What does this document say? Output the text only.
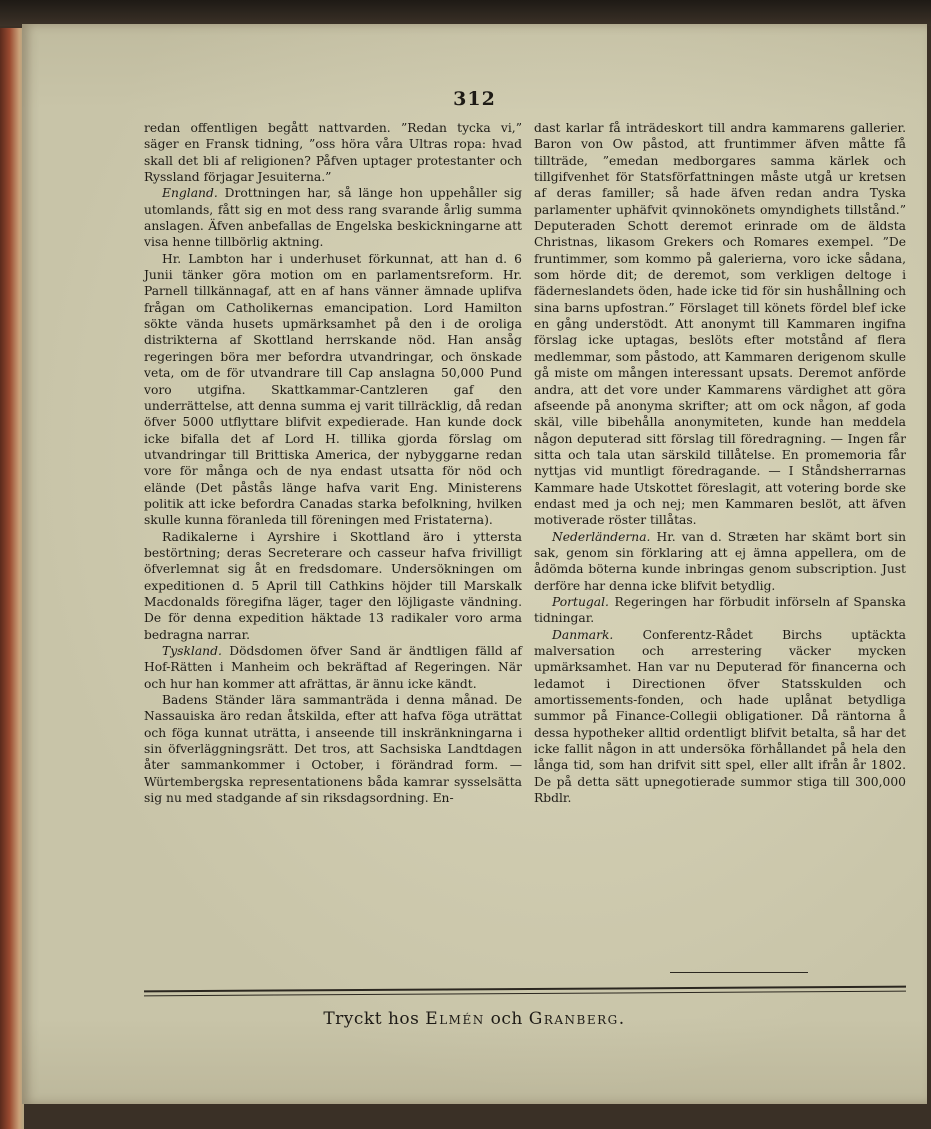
312

redan offentligen begått nattvarden. ”Redan tycka vi,” säger en Fransk tidning, ”oss höra våra Ultras ropa: hvad skall det bli af religionen? Påfven uptager protestanter och Ryssland förjagar Jesuiterna.”

England. Drottningen har, så länge hon uppehåller sig utomlands, fått sig en mot dess rang svarande årlig summa anslagen. Äfven anbefallas de Engelska beskickningarne att visa henne tillbörlig aktning.

Hr. Lambton har i underhuset förkunnat, att han d. 6 Junii tänker göra motion om en parlamentsreform. Hr. Parnell tillkännagaf, att en af hans vänner ämnade uplifva frågan om Catholikernas emancipation. Lord Hamilton sökte vända husets upmärksamhet på den i de oroliga distrikterna af Skottland herrskande nöd. Han ansåg regeringen böra mer befordra utvandringar, och önskade veta, om de för utvandrare till Cap anslagna 50,000 Pund voro utgifna. Skattkammar-Cantzleren gaf den underrättelse, att denna summa ej varit tillräcklig, då redan öfver 5000 utflyttare blifvit expedierade. Han kunde dock icke bifalla det af Lord H. tillika gjorda förslag om utvandringar till Brittiska America, der nybyggarne redan vore för många och de nya endast utsatta för nöd och elände (Det påstås länge hafva varit Eng. Ministerens politik att icke befordra Canadas starka befolkning, hvilken skulle kunna föranleda till föreningen med Fristaterna).

Radikalerne i Ayrshire i Skottland äro i yttersta bestörtning; deras Secreterare och casseur hafva frivilligt öfverlemnat sig åt en fredsdomare. Undersökningen om expeditionen d. 5 April till Cathkins höjder till Marskalk Macdonalds föregifna läger, tager den löjligaste vändning. De för denna expedition häktade 13 radikaler voro arma bedragna narrar.

Tyskland. Dödsdomen öfver Sand är ändtligen fälld af Hof-Rätten i Manheim och bekräftad af Regeringen. När och hur han kommer att afrättas, är ännu icke kändt.

Badens Ständer lära sammanträda i denna månad. De Nassauiska äro redan åtskilda, efter att hafva föga uträttat och föga kunnat uträtta, i anseende till inskränkningarna i sin öfverläggningsrätt. Det tros, att Sachsiska Landtdagen åter sammankommer i October, i förändrad form. — Würtembergska representationens båda kamrar sysselsätta sig nu med stadgande af sin riksdagsordning. En-

dast karlar få inträdeskort till andra kammarens gallerier. Baron von Ow påstod, att fruntimmer äfven måtte få tillträde, ”emedan medborgares samma kärlek och tillgifvenhet för Statsförfattningen måste utgå ur kretsen af deras familler; så hade äfven redan andra Tyska parlamenter uphäfvit qvinnokönets omyndighets tillstånd.” Deputeraden Schott deremot erinrade om de äldsta Christnas, likasom Grekers och Romares exempel. ”De fruntimmer, som kommo på galerierna, voro icke sådana, som hörde dit; de deremot, som verkligen deltoge i fäderneslandets öden, hade icke tid för sin hushållning och sina barns upfostran.” Förslaget till könets fördel blef icke en gång understödt. Att anonymt till Kammaren ingifna förslag icke uptagas, beslöts efter motstånd af flera medlemmar, som påstodo, att Kammaren derigenom skulle gå miste om mången interessant upsats. Deremot anförde andra, att det vore under Kammarens värdighet att göra afseende på anonyma skrifter; att om ock någon, af goda skäl, ville bibehålla anonymiteten, kunde han meddela någon deputerad sitt förslag till föredragning. — Ingen får sitta och tala utan särskild tillåtelse. En promemoria får nyttjas vid muntligt föredragande. — I Ståndsherrarnas Kammare hade Utskottet föreslagit, att votering borde ske endast med ja och nej; men Kammaren beslöt, att äfven motiverade röster tillåtas.

Nederländerna. Hr. van d. Stræten har skämt bort sin sak, genom sin förklaring att ej ämna appellera, om de ådömda böterna kunde inbringas genom subscription. Just derföre har denna icke blifvit betydlig.

Portugal. Regeringen har förbudit införseln af Spanska tidningar.

Danmark. Conferentz-Rådet Birchs uptäckta malversation och arrestering väcker mycken upmärksamhet. Han var nu Deputerad för financerna och ledamot i Directionen öfver Statsskulden och amortissements-fonden, och hade uplånat betydliga summor på Finance-Collegii obligationer. Då räntorna å dessa hypotheker alltid ordentligt blifvit betalta, så har det icke fallit någon in att undersöka förhållandet på hela den långa tid, som han drifvit sitt spel, eller allt ifrån år 1802. De på detta sätt upnegotierade summor stiga till 300,000 Rbdlr.

Tryckt hos Elmén och Granberg.
